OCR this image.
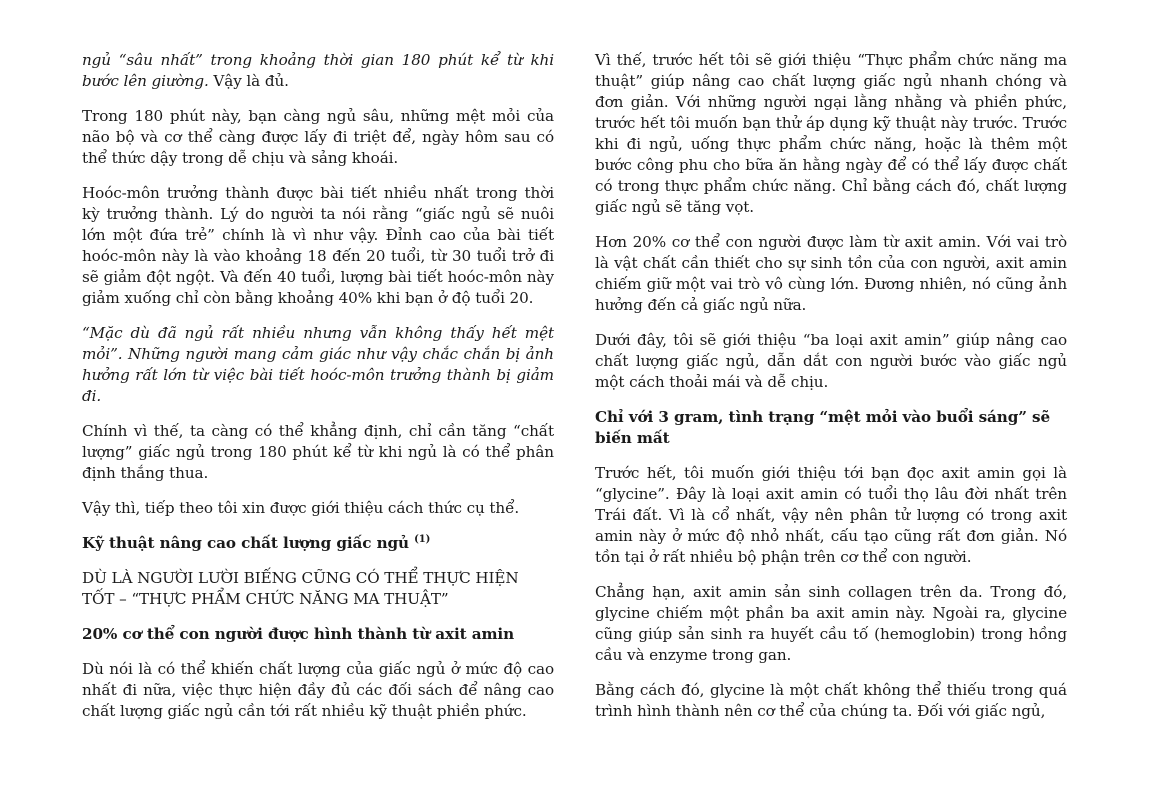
ngủ “sâu nhất” trong khoảng thời gian 180 phút kể từ khi bước lên giường. Vậy là đủ.

Trong 180 phút này, bạn càng ngủ sâu, những mệt mỏi của não bộ và cơ thể càng được lấy đi triệt để, ngày hôm sau có thể thức dậy trong dễ chịu và sảng khoái.

Hoóc-môn trưởng thành được bài tiết nhiều nhất trong thời kỳ trưởng thành. Lý do người ta nói rằng “giấc ngủ sẽ nuôi lớn một đứa trẻ” chính là vì như vậy. Đỉnh cao của bài tiết hoóc-môn này là vào khoảng 18 đến 20 tuổi, từ 30 tuổi trở đi sẽ giảm đột ngột. Và đến 40 tuổi, lượng bài tiết hoóc-môn này giảm xuống chỉ còn bằng khoảng 40% khi bạn ở độ tuổi 20.

“Mặc dù đã ngủ rất nhiều nhưng vẫn không thấy hết mệt mỏi”. Những người mang cảm giác như vậy chắc chắn bị ảnh hưởng rất lớn từ việc bài tiết hoóc-môn trưởng thành bị giảm đi.

Chính vì thế, ta càng có thể khẳng định, chỉ cần tăng “chất lượng” giấc ngủ trong 180 phút kể từ khi ngủ là có thể phân định thắng thua.

Vậy thì, tiếp theo tôi xin được giới thiệu cách thức cụ thể.

Kỹ thuật nâng cao chất lượng giấc ngủ $^{(1)}$

DÙ LÀ NGƯỜI LƯỜI BIẾNG CŨNG CÓ THỂ THỰC HIỆN TỐT – “THỰC PHẨM CHỨC NĂNG MA THUẬT”

20% cơ thể con người được hình thành từ axit amin

Dù nói là có thể khiến chất lượng của giấc ngủ ở mức độ cao nhất đi nữa, việc thực hiện đầy đủ các đối sách để nâng cao chất lượng giấc ngủ cần tới rất nhiều kỹ thuật phiền phức.

Vì thế, trước hết tôi sẽ giới thiệu “Thực phẩm chức năng ma thuật” giúp nâng cao chất lượng giấc ngủ nhanh chóng và đơn giản. Với những người ngại lằng nhằng và phiền phức, trước hết tôi muốn bạn thử áp dụng kỹ thuật này trước. Trước khi đi ngủ, uống thực phẩm chức năng, hoặc là thêm một bước công phu cho bữa ăn hằng ngày để có thể lấy được chất có trong thực phẩm chức năng. Chỉ bằng cách đó, chất lượng giấc ngủ sẽ tăng vọt.

Hơn 20% cơ thể con người được làm từ axit amin. Với vai trò là vật chất cần thiết cho sự sinh tồn của con người, axit amin chiếm giữ một vai trò vô cùng lớn. Đương nhiên, nó cũng ảnh hưởng đến cả giấc ngủ nữa.

Dưới đây, tôi sẽ giới thiệu “ba loại axit amin” giúp nâng cao chất lượng giấc ngủ, dẫn dắt con người bước vào giấc ngủ một cách thoải mái và dễ chịu.

Chỉ với 3 gram, tình trạng “mệt mỏi vào buổi sáng” sẽ biến mất

Trước hết, tôi muốn giới thiệu tới bạn đọc axit amin gọi là “glycine”. Đây là loại axit amin có tuổi thọ lâu đời nhất trên Trái đất. Vì là cổ nhất, vậy nên phân tử lượng có trong axit amin này ở mức độ nhỏ nhất, cấu tạo cũng rất đơn giản. Nó tồn tại ở rất nhiều bộ phận trên cơ thể con người.

Chẳng hạn, axit amin sản sinh collagen trên da. Trong đó, glycine chiếm một phần ba axit amin này. Ngoài ra, glycine cũng giúp sản sinh ra huyết cầu tố (hemoglobin) trong hồng cầu và enzyme trong gan.

Bằng cách đó, glycine là một chất không thể thiếu trong quá trình hình thành nên cơ thể của chúng ta. Đối với giấc ngủ,
